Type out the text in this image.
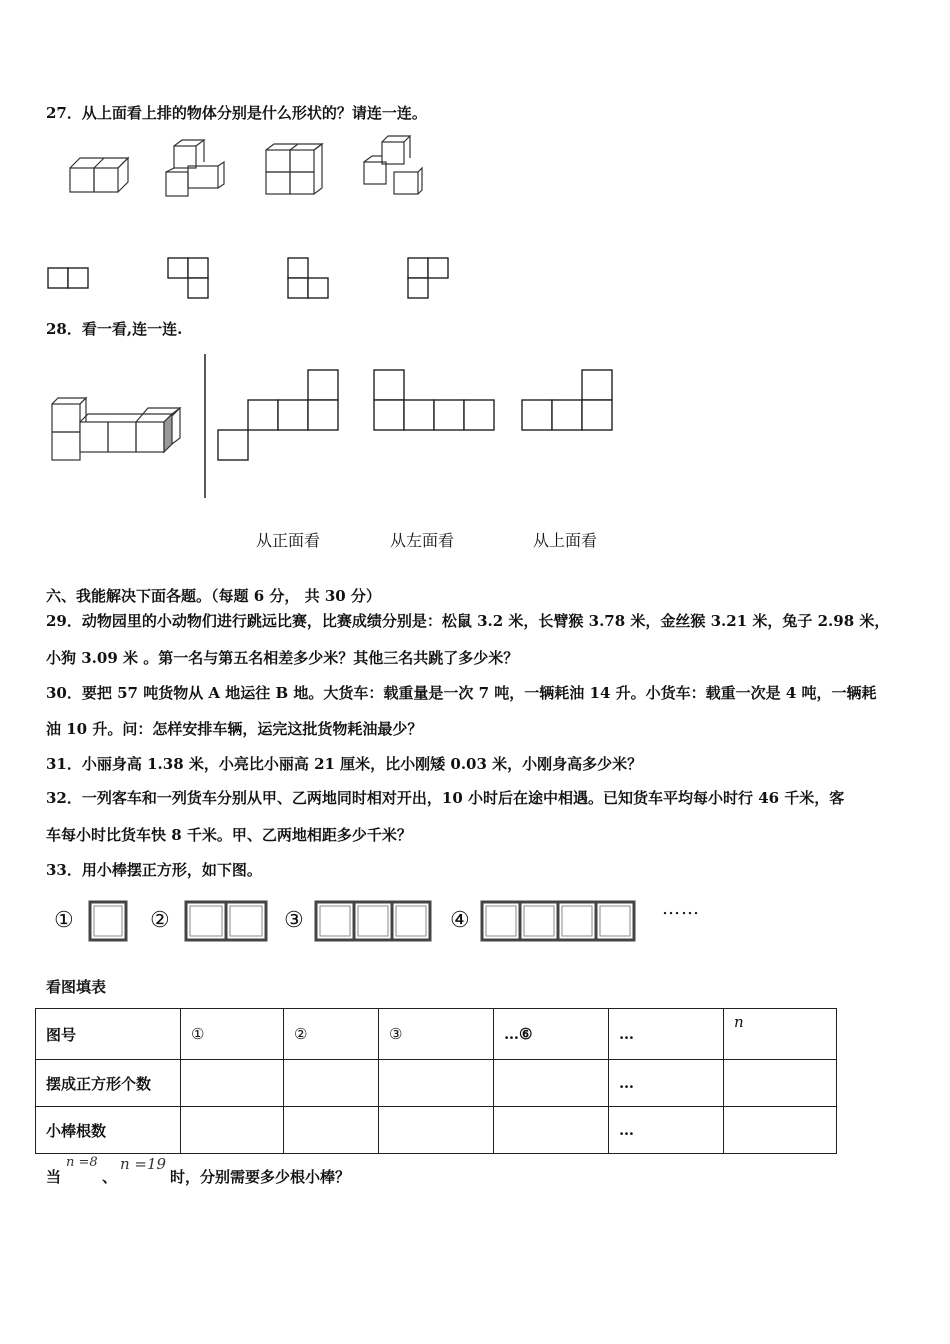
27．从上面看上排的物体分别是什么形状的？请连一连。
28．看一看,连一连.
从正面看	从左面看	从上面看
六、我能解决下面各题。（每题 6 分， 共 30 分）
29．动物园里的小动物们进行跳远比赛，比赛成绩分别是：松鼠 3.2 米，长臂猴 3.78 米，金丝猴 3.21 米，兔子 2.98 米，
小狗 3.09 米 。第一名与第五名相差多少米？其他三名共跳了多少米？
30．要把 57 吨货物从 A 地运往 B 地。大货车：载重量是一次 7 吨，一辆耗油 14 升。小货车：载重一次是 4 吨，一辆耗
油 10 升。问：怎样安排车辆，运完这批货物耗油最少？
31．小丽身高 1.38 米，小亮比小丽高 21 厘米，比小刚矮 0.03 米，小刚身高多少米？
32．一列客车和一列货车分别从甲、乙两地同时相对开出，10 小时后在途中相遇。已知货车平均每小时行 46 千米，客
车每小时比货车快 8 千米。甲、乙两地相距多少千米？
33．用小棒摆正方形，如下图。
①	②	③	④	……
看图填表
图号	①	②	③	…⑥	…	n
摆成正方形个数					…	
小棒根数					…	
当
n =8
、
n =19
时，分别需要多少根小棒？
